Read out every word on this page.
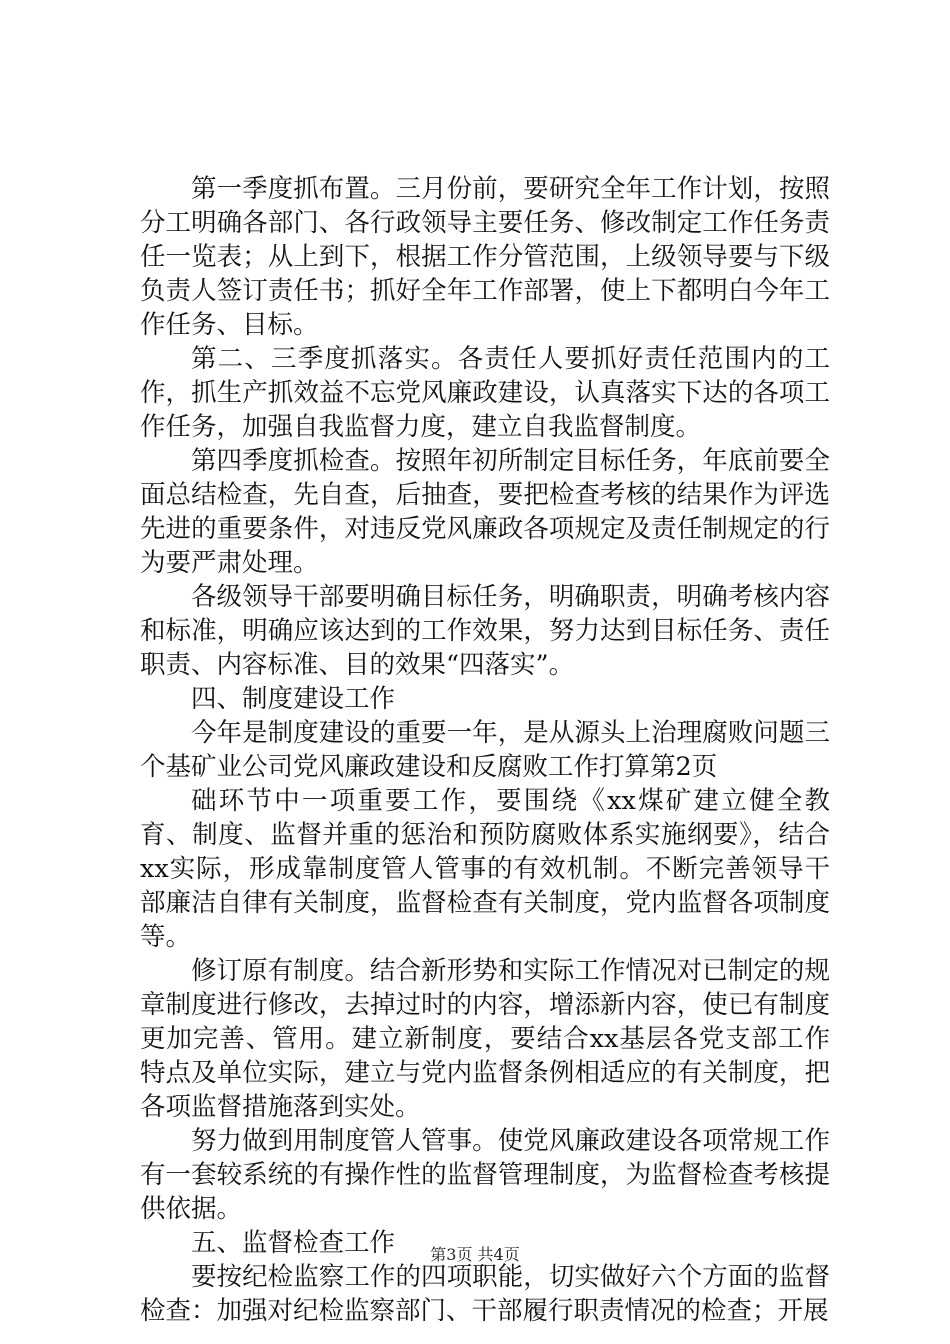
第一季度抓布置。三月份前，要研究全年工作计划，按照分工明确各部门、各行政领导主要任务、修改制定工作任务责任一览表；从上到下，根据工作分管范围，上级领导要与下级负责人签订责任书；抓好全年工作部署，使上下都明白今年工作任务、目标。

第二、三季度抓落实。各责任人要抓好责任范围内的工作，抓生产抓效益不忘党风廉政建设，认真落实下达的各项工作任务，加强自我监督力度，建立自我监督制度。

第四季度抓检查。按照年初所制定目标任务，年底前要全面总结检查，先自查，后抽查，要把检查考核的结果作为评选先进的重要条件，对违反党风廉政各项规定及责任制规定的行为要严肃处理。

各级领导干部要明确目标任务，明确职责，明确考核内容和标准，明确应该达到的工作效果，努力达到目标任务、责任职责、内容标准、目的效果“四落实”。

四、制度建设工作

今年是制度建设的重要一年，是从源头上治理腐败问题三个基矿业公司党风廉政建设和反腐败工作打算第2页

础环节中一项重要工作，要围绕《xx煤矿建立健全教育、制度、监督并重的惩治和预防腐败体系实施纲要》，结合xx实际，形成靠制度管人管事的有效机制。不断完善领导干部廉洁自律有关制度，监督检查有关制度，党内监督各项制度等。

修订原有制度。结合新形势和实际工作情况对已制定的规章制度进行修改，去掉过时的内容，增添新内容，使已有制度更加完善、管用。建立新制度，要结合xx基层各党支部工作特点及单位实际，建立与党内监督条例相适应的有关制度，把各项监督措施落到实处。

努力做到用制度管人管事。使党风廉政建设各项常规工作有一套较系统的有操作性的监督管理制度，为监督检查考核提供依据。

五、监督检查工作

要按纪检监察工作的四项职能，切实做好六个方面的监督检查：加强对纪检监察部门、干部履行职责情况的检查；开展

第3页 共4页
